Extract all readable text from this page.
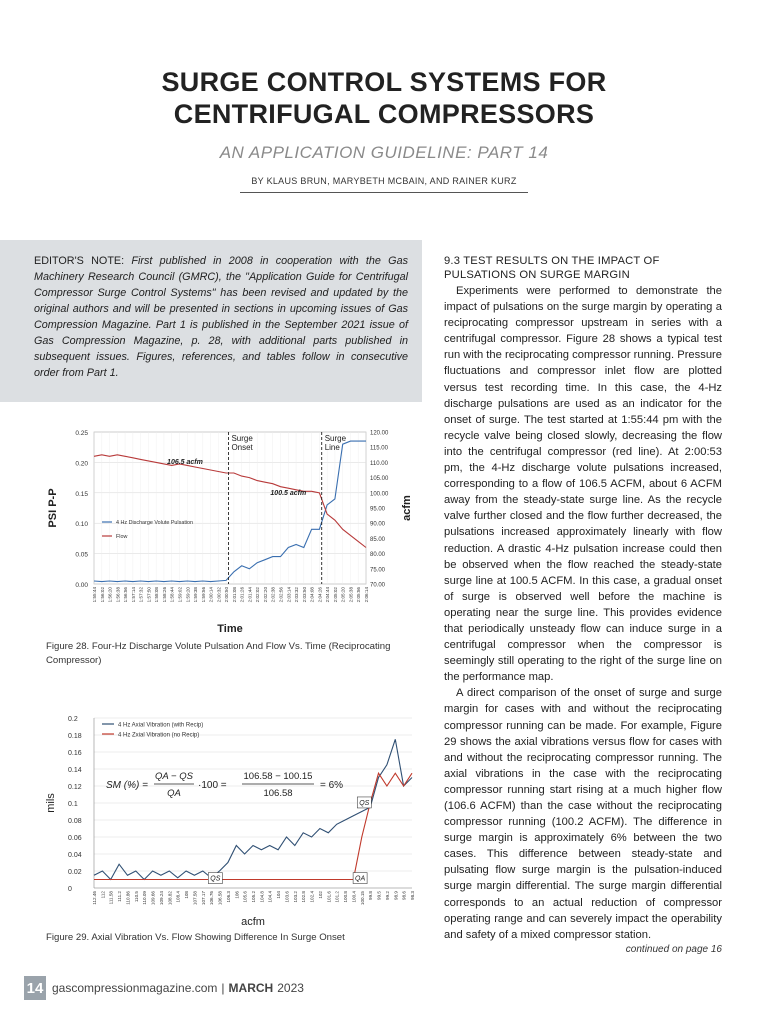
SURGE CONTROL SYSTEMS FOR
CENTRIFUGAL COMPRESSORS
AN APPLICATION GUIDELINE: PART 14
BY KLAUS BRUN, MARYBETH MCBAIN, AND RAINER KURZ
EDITOR'S NOTE: First published in 2008 in cooperation with the Gas Machinery Research Council (GMRC), the "Application Guide for Centrifugal Compressor Surge Control Systems" has been revised and updated by the original authors and will be presented in sections in upcoming issues of Gas Compression Magazine. Part 1 is published in the September 2021 issue of Gas Compression Magazine, p. 28, with additional parts published in subsequent issues. Figures, references, and tables follow in consecutive order from Part 1.
0.00
0.05
0.10
0.15
0.20
0.25
70.00
75.00
80.00
85.00
90.00
95.00
100.00
105.00
110.00
115.00
120.00
1:55:44 1:56:02 1:56:20 1:56:38 1:56:56 1:57:14 1:57:32 1:57:50 1:58:08 1:58:26 1:58:44 1:59:02 1:59:20 1:59:38 1:59:56 2:00:14 2:00:32 2:00:50 2:01:08 2:01:26 2:01:44 2:02:02 2:02:20 2:02:38 2:02:56 2:03:14 2:03:32 2:03:50 2:04:08 2:04:26 2:04:44 2:05:02 2:05:20 2:05:38 2:05:56 2:06:14
PSI P-P	acfm
Time
4 Hz Discharge Volute Pulsation
Flow
Surge
Onset
Surge
Line
106.5 acfm
100.5 acfm
Figure 28. Four-Hz Discharge Volute Pulsation And Flow Vs. Time (Reciprocating Compressor)
0
0.02
0.04
0.06
0.08
0.1
0.12
0.14
0.16
0.18
0.2
112.46 112 111.58 111.2 110.86 110.5 110.09 109.66 109.24 108.82 108.4 108 107.58 107.17 106.76 106.58 106.3 106 105.6 105.2 104.8 104.4 104 103.6 103.2 102.8 102.4 102 101.6 101.2 100.8 100.4 100.15 99.8 99.5 99.2 98.9 98.6 98.3
mils
acfm
4 Hz Axial Vibration (with Recip)
4 Hz Zxial Vibration (no Recip)
SM (%) =
QA − QS
QA
·100 =
106.58 − 100.15
106.58
= 6%
QS	QA
QS
Figure 29. Axial Vibration Vs. Flow Showing Difference In Surge Onset
9.3 TEST RESULTS ON THE IMPACT OF PULSATIONS ON SURGE MARGIN

Experiments were performed to demonstrate the impact of pulsations on the surge margin by operating a reciprocating compressor upstream in series with a centrifugal compressor. Figure 28 shows a typical test run with the reciprocating compressor running. Pressure fluctuations and compressor inlet flow are plotted versus test recording time. In this case, the 4-Hz discharge pulsations are used as an indicator for the onset of surge. The test started at 1:55:44 pm with the recycle valve being closed slowly, decreasing the flow into the centrifugal compressor (red line). At 2:00:53 pm, the 4-Hz discharge volute pulsations increased, corresponding to a flow of 106.5 ACFM, about 6 ACFM away from the steady-state surge line. As the recycle valve further closed and the flow further decreased, the pulsations increased approximately linearly with flow reduction. A drastic 4-Hz pulsation increase could then be observed when the flow reached the steady-state surge line at 100.5 ACFM. In this case, a gradual onset of surge is observed well before the machine is operating near the surge line. This provides evidence that periodically unsteady flow can induce surge in a centrifugal compressor when the compressor is seemingly still operating to the right of the surge line on the performance map.

A direct comparison of the onset of surge and surge margin for cases with and without the reciprocating compressor running can be made. For example, Figure 29 shows the axial vibrations versus flow for cases with and without the reciprocating compressor running. The axial vibrations in the case with the reciprocating compressor running start rising at a much higher flow (106.6 ACFM) than the case without the reciprocating compressor running (100.2 ACFM). The difference in surge margin is approximately 6% between the two cases. This difference between steady-state and pulsating flow surge margin is the pulsation-induced surge margin differential. The surge margin differential corresponds to an actual reduction of compressor operating range and can severely impact the operability and safety of a mixed compressor station.

continued on page 16
14 gascompressionmagazine.com | MARCH 2023
